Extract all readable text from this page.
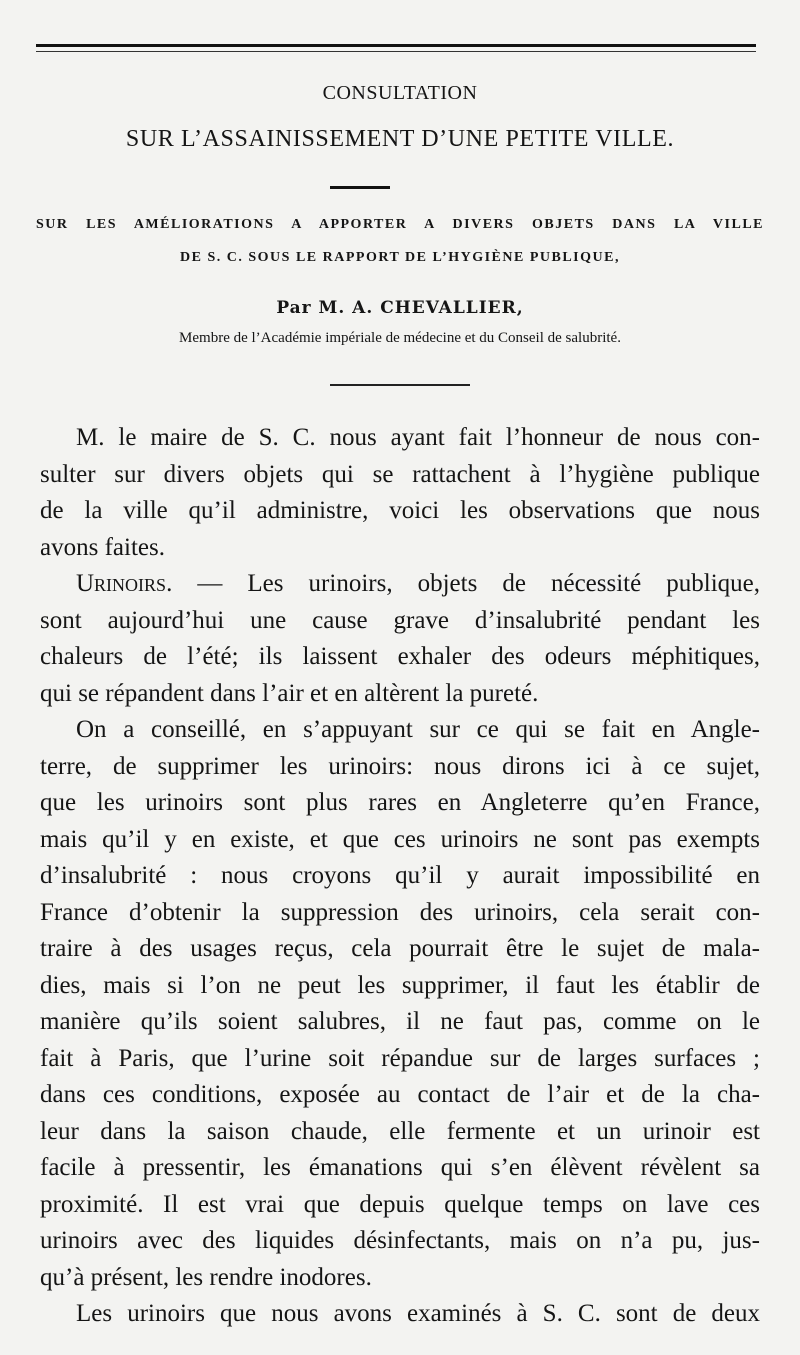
CONSULTATION
SUR L’ASSAINISSEMENT D’UNE PETITE VILLE.
SUR LES AMÉLIORATIONS A APPORTER A DIVERS OBJETS DANS LA VILLE
DE S. C. SOUS LE RAPPORT DE L’HYGIÈNE PUBLIQUE,
Par M. A. CHEVALLIER,
Membre de l’Académie impériale de médecine et du Conseil de salubrité.
M. le maire de S. C. nous ayant fait l’honneur de nous con-
sulter sur divers objets qui se rattachent à l’hygiène publique
de la ville qu’il administre, voici les observations que nous
avons faites.
Urinoirs. — Les urinoirs, objets de nécessité publique,
sont aujourd’hui une cause grave d’insalubrité pendant les
chaleurs de l’été; ils laissent exhaler des odeurs méphitiques,
qui se répandent dans l’air et en altèrent la pureté.
On a conseillé, en s’appuyant sur ce qui se fait en Angle-
terre, de supprimer les urinoirs: nous dirons ici à ce sujet,
que les urinoirs sont plus rares en Angleterre qu’en France,
mais qu’il y en existe, et que ces urinoirs ne sont pas exempts
d’insalubrité : nous croyons qu’il y aurait impossibilité en
France d’obtenir la suppression des urinoirs, cela serait con-
traire à des usages reçus, cela pourrait être le sujet de mala-
dies, mais si l’on ne peut les supprimer, il faut les établir de
manière qu’ils soient salubres, il ne faut pas, comme on le
fait à Paris, que l’urine soit répandue sur de larges surfaces ;
dans ces conditions, exposée au contact de l’air et de la cha-
leur dans la saison chaude, elle fermente et un urinoir est
facile à pressentir, les émanations qui s’en élèvent révèlent sa
proximité. Il est vrai que depuis quelque temps on lave ces
urinoirs avec des liquides désinfectants, mais on n’a pu, jus-
qu’à présent, les rendre inodores.
Les urinoirs que nous avons examinés à S. C. sont de deux
